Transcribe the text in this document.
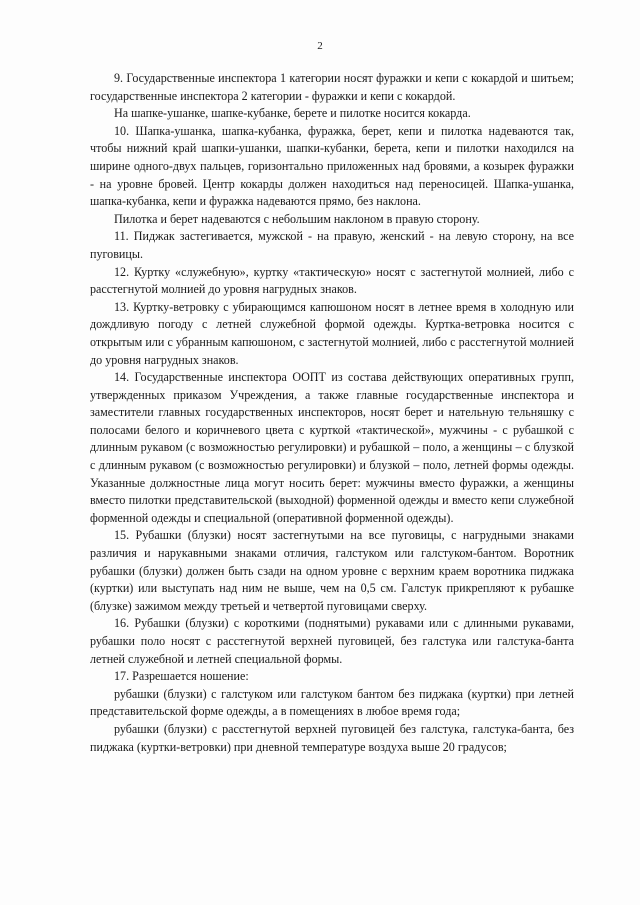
2

9. Государственные инспектора 1 категории носят фуражки и кепи с кокардой и шитьем; государственные инспектора 2 категории - фуражки и кепи с кокардой.

На шапке-ушанке, шапке-кубанке, берете и пилотке носится кокарда.

10. Шапка-ушанка, шапка-кубанка, фуражка, берет, кепи и пилотка надеваются так, чтобы нижний край шапки-ушанки, шапки-кубанки, берета, кепи и пилотки находился на ширине одного-двух пальцев, горизонтально приложенных над бровями, а козырек фуражки - на уровне бровей. Центр кокарды должен находиться над переносицей. Шапка-ушанка, шапка-кубанка, кепи и фуражка надеваются прямо, без наклона.

Пилотка и берет надеваются с небольшим наклоном в правую сторону.

11. Пиджак застегивается, мужской - на правую, женский - на левую сторону, на все пуговицы.

12. Куртку «служебную», куртку «тактическую» носят с застегнутой молнией, либо с расстегнутой молнией до уровня нагрудных знаков.

13. Куртку-ветровку с убирающимся капюшоном носят в летнее время в холодную или дождливую погоду с летней служебной формой одежды. Куртка-ветровка носится с открытым или с убранным капюшоном, с застегнутой молнией, либо с расстегнутой молнией до уровня нагрудных знаков.

14. Государственные инспектора ООПТ из состава действующих оперативных групп, утвержденных приказом Учреждения, а также главные государственные инспектора и заместители главных государственных инспекторов, носят берет и нательную тельняшку с полосами белого и коричневого цвета с курткой «тактической», мужчины - с рубашкой с длинным рукавом (с возможностью регулировки) и рубашкой – поло, а женщины – с блузкой с длинным рукавом (с возможностью регулировки) и блузкой – поло, летней формы одежды. Указанные должностные лица могут носить берет: мужчины вместо фуражки, а женщины вместо пилотки представительской (выходной) форменной одежды и вместо кепи служебной форменной одежды и специальной (оперативной форменной одежды).

15. Рубашки (блузки) носят застегнутыми на все пуговицы, с нагрудными знаками различия и нарукавными знаками отличия, галстуком или галстуком-бантом. Воротник рубашки (блузки) должен быть сзади на одном уровне с верхним краем воротника пиджака (куртки) или выступать над ним не выше, чем на 0,5 см. Галстук прикрепляют к рубашке (блузке) зажимом между третьей и четвертой пуговицами сверху.

16. Рубашки (блузки) с короткими (поднятыми) рукавами или с длинными рукавами, рубашки поло носят с расстегнутой верхней пуговицей, без галстука или галстука-банта летней служебной и летней специальной формы.

17. Разрешается ношение:

рубашки (блузки) с галстуком или галстуком бантом без пиджака (куртки) при летней представительской форме одежды, а в помещениях в любое время года;

рубашки (блузки) с расстегнутой верхней пуговицей без галстука, галстука-банта, без пиджака (куртки-ветровки) при дневной температуре воздуха выше 20 градусов;
